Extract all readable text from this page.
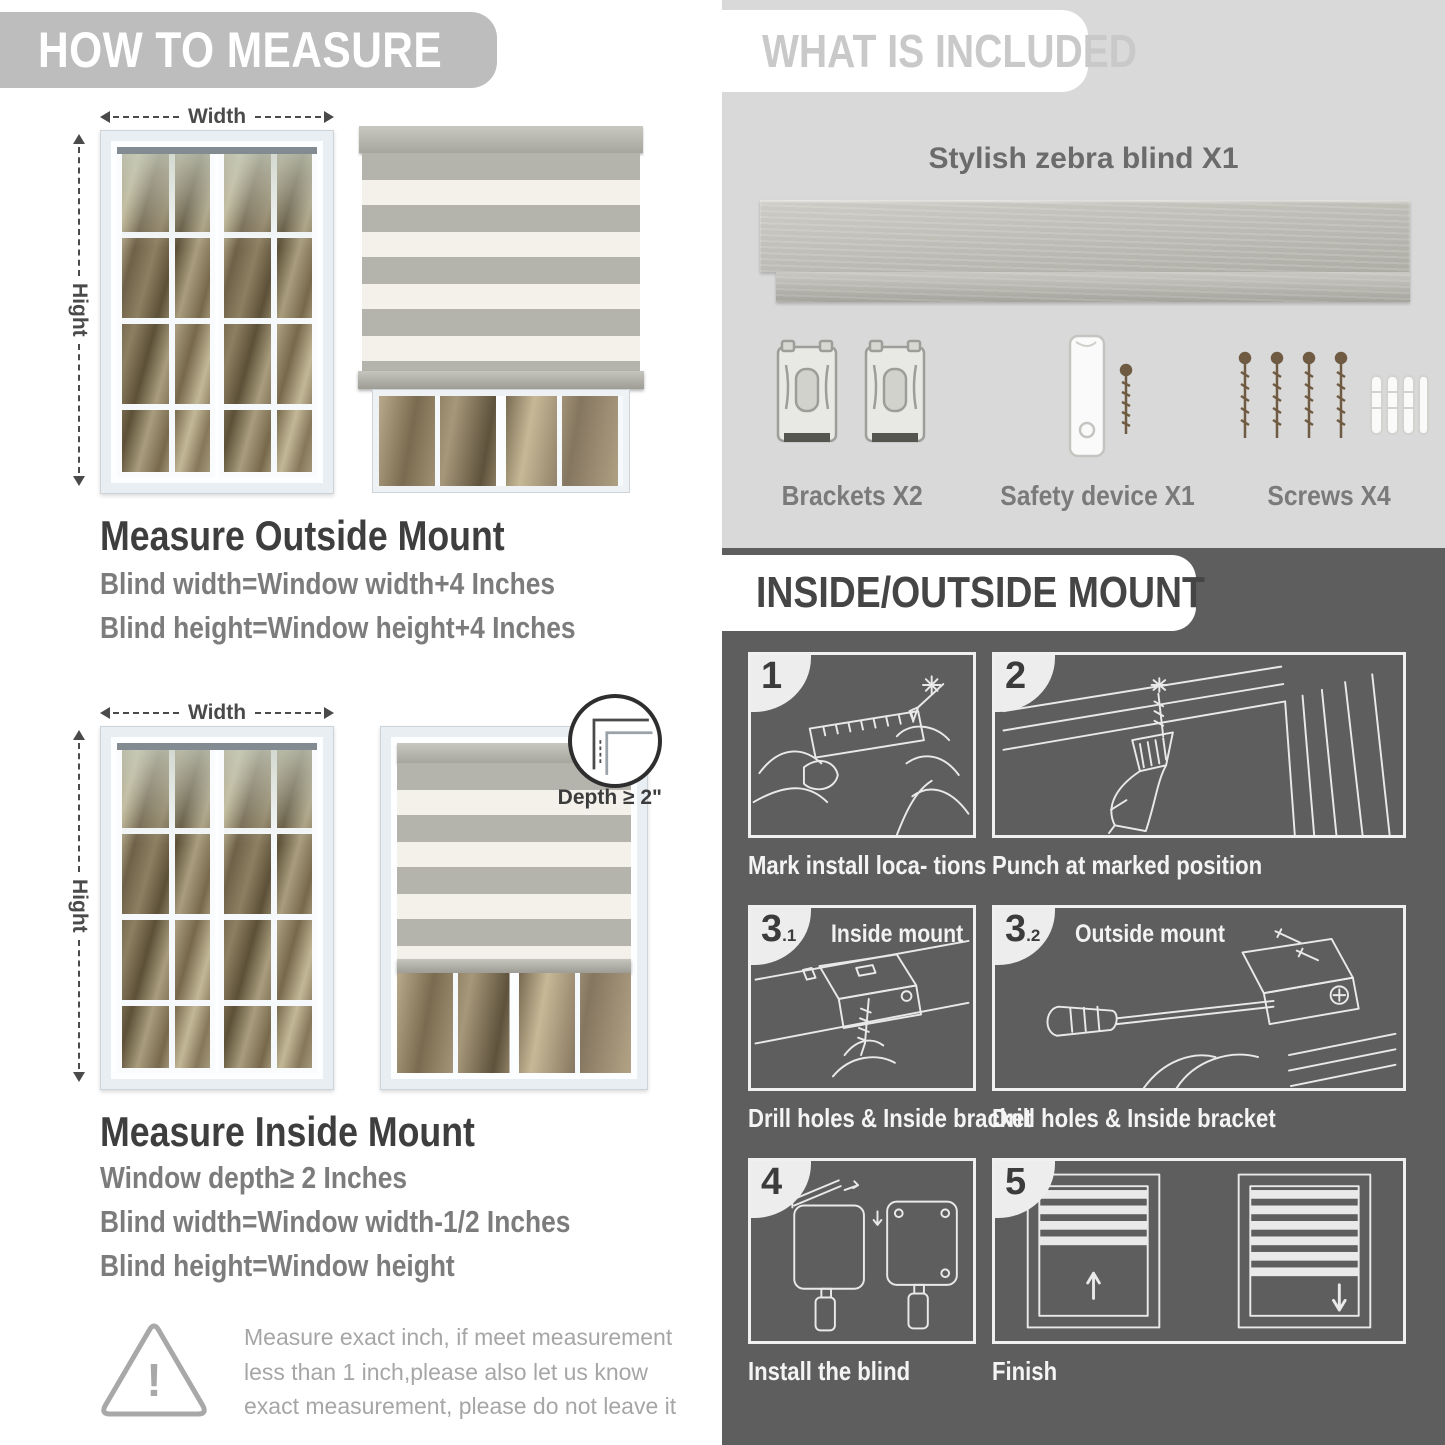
HOW TO MEASURE
Width
Hight
Measure Outside Mount
Blind width=Window width+4 Inches
Blind height=Window height+4 Inches
Width
Hight
Depth ≥ 2"
Measure Inside Mount
Window depth≥ 2 Inches
Blind width=Window width-1/2 Inches
Blind height=Window height
!
Measure exact inch, if meet measurement less than 1 inch,please also let us know exact measurement, please do not leave it
WHAT IS INCLUDED
Stylish zebra blind X1
Brackets X2	Safety device X1	Screws X4
INSIDE/OUTSIDE MOUNT
1
Mark install loca- tions
2
Punch at marked position
3.1	Inside mount
Drill holes & Inside bracket
3.2	Outside mount
Drill holes & Inside bracket
4
Install the blind
5
Finish
